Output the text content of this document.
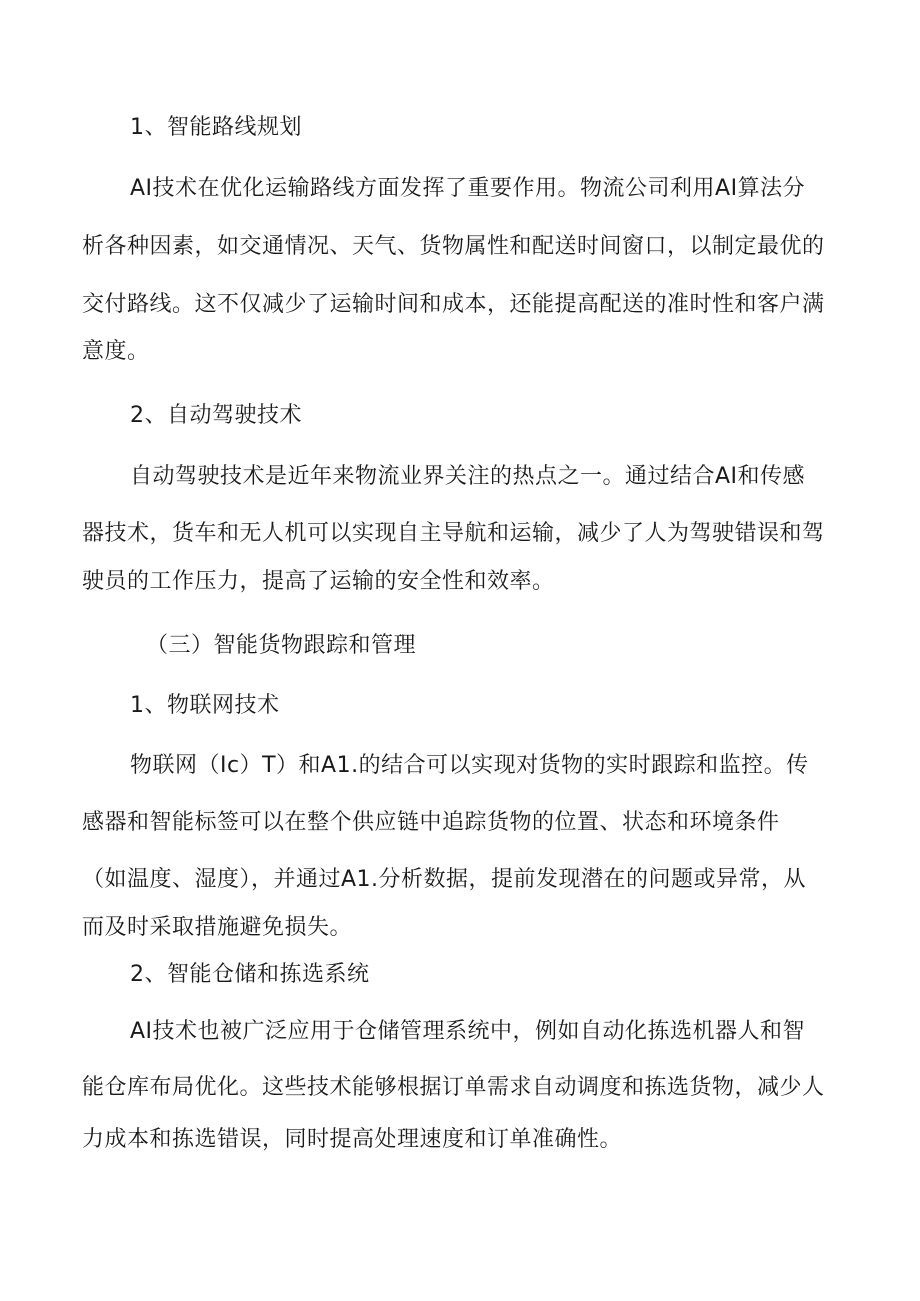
1、智能路线规划
AI技术在优化运输路线方面发挥了重要作用。物流公司利用AI算法分
析各种因素，如交通情况、天气、货物属性和配送时间窗口，以制定最优的
交付路线。这不仅减少了运输时间和成本，还能提高配送的准时性和客户满
意度。
2、自动驾驶技术
自动驾驶技术是近年来物流业界关注的热点之一。通过结合AI和传感
器技术，货车和无人机可以实现自主导航和运输，减少了人为驾驶错误和驾
驶员的工作压力，提高了运输的安全性和效率。
（三）智能货物跟踪和管理
1、物联网技术
物联网（Ic）T）和A1.的结合可以实现对货物的实时跟踪和监控。传
感器和智能标签可以在整个供应链中追踪货物的位置、状态和环境条件
（如温度、湿度），并通过A1.分析数据，提前发现潜在的问题或异常，从
而及时采取措施避免损失。
2、智能仓储和拣选系统
AI技术也被广泛应用于仓储管理系统中，例如自动化拣选机器人和智
能仓库布局优化。这些技术能够根据订单需求自动调度和拣选货物，减少人
力成本和拣选错误，同时提高处理速度和订单准确性。
